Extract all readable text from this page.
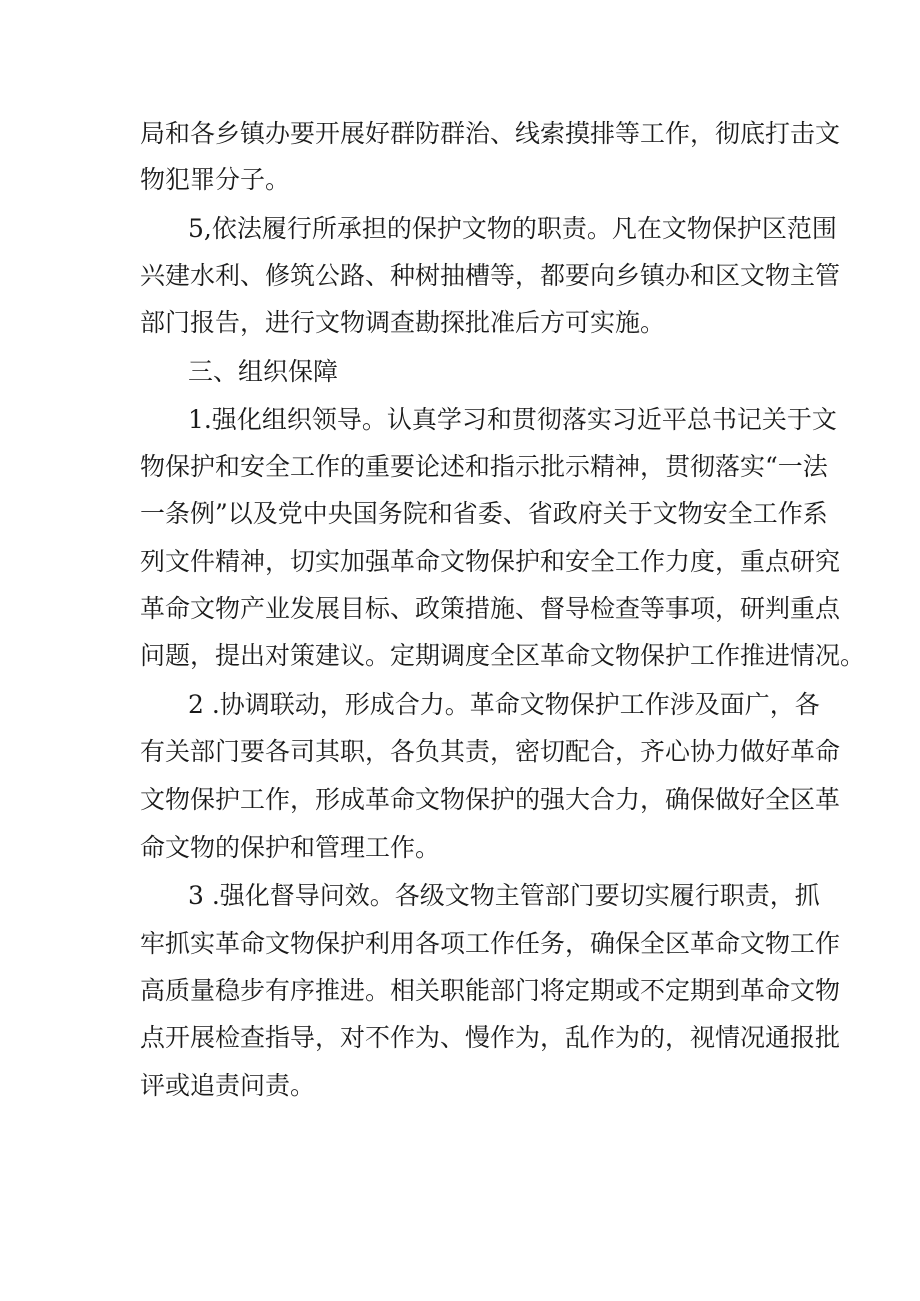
局和各乡镇办要开展好群防群治、线索摸排等工作，彻底打击文
物犯罪分子。
5,依法履行所承担的保护文物的职责。凡在文物保护区范围
兴建水利、修筑公路、种树抽槽等，都要向乡镇办和区文物主管
部门报告，进行文物调查勘探批准后方可实施。
三、组织保障
1.强化组织领导。认真学习和贯彻落实习近平总书记关于文
物保护和安全工作的重要论述和指示批示精神，贯彻落实“一法
一条例”以及党中央国务院和省委、省政府关于文物安全工作系
列文件精神，切实加强革命文物保护和安全工作力度，重点研究
革命文物产业发展目标、政策措施、督导检查等事项，研判重点
问题，提出对策建议。定期调度全区革命文物保护工作推进情况。
2 .协调联动，形成合力。革命文物保护工作涉及面广，各
有关部门要各司其职，各负其责，密切配合，齐心协力做好革命
文物保护工作，形成革命文物保护的强大合力，确保做好全区革
命文物的保护和管理工作。
3 .强化督导问效。各级文物主管部门要切实履行职责，抓
牢抓实革命文物保护利用各项工作任务，确保全区革命文物工作
高质量稳步有序推进。相关职能部门将定期或不定期到革命文物
点开展检查指导，对不作为、慢作为，乱作为的，视情况通报批
评或追责问责。
